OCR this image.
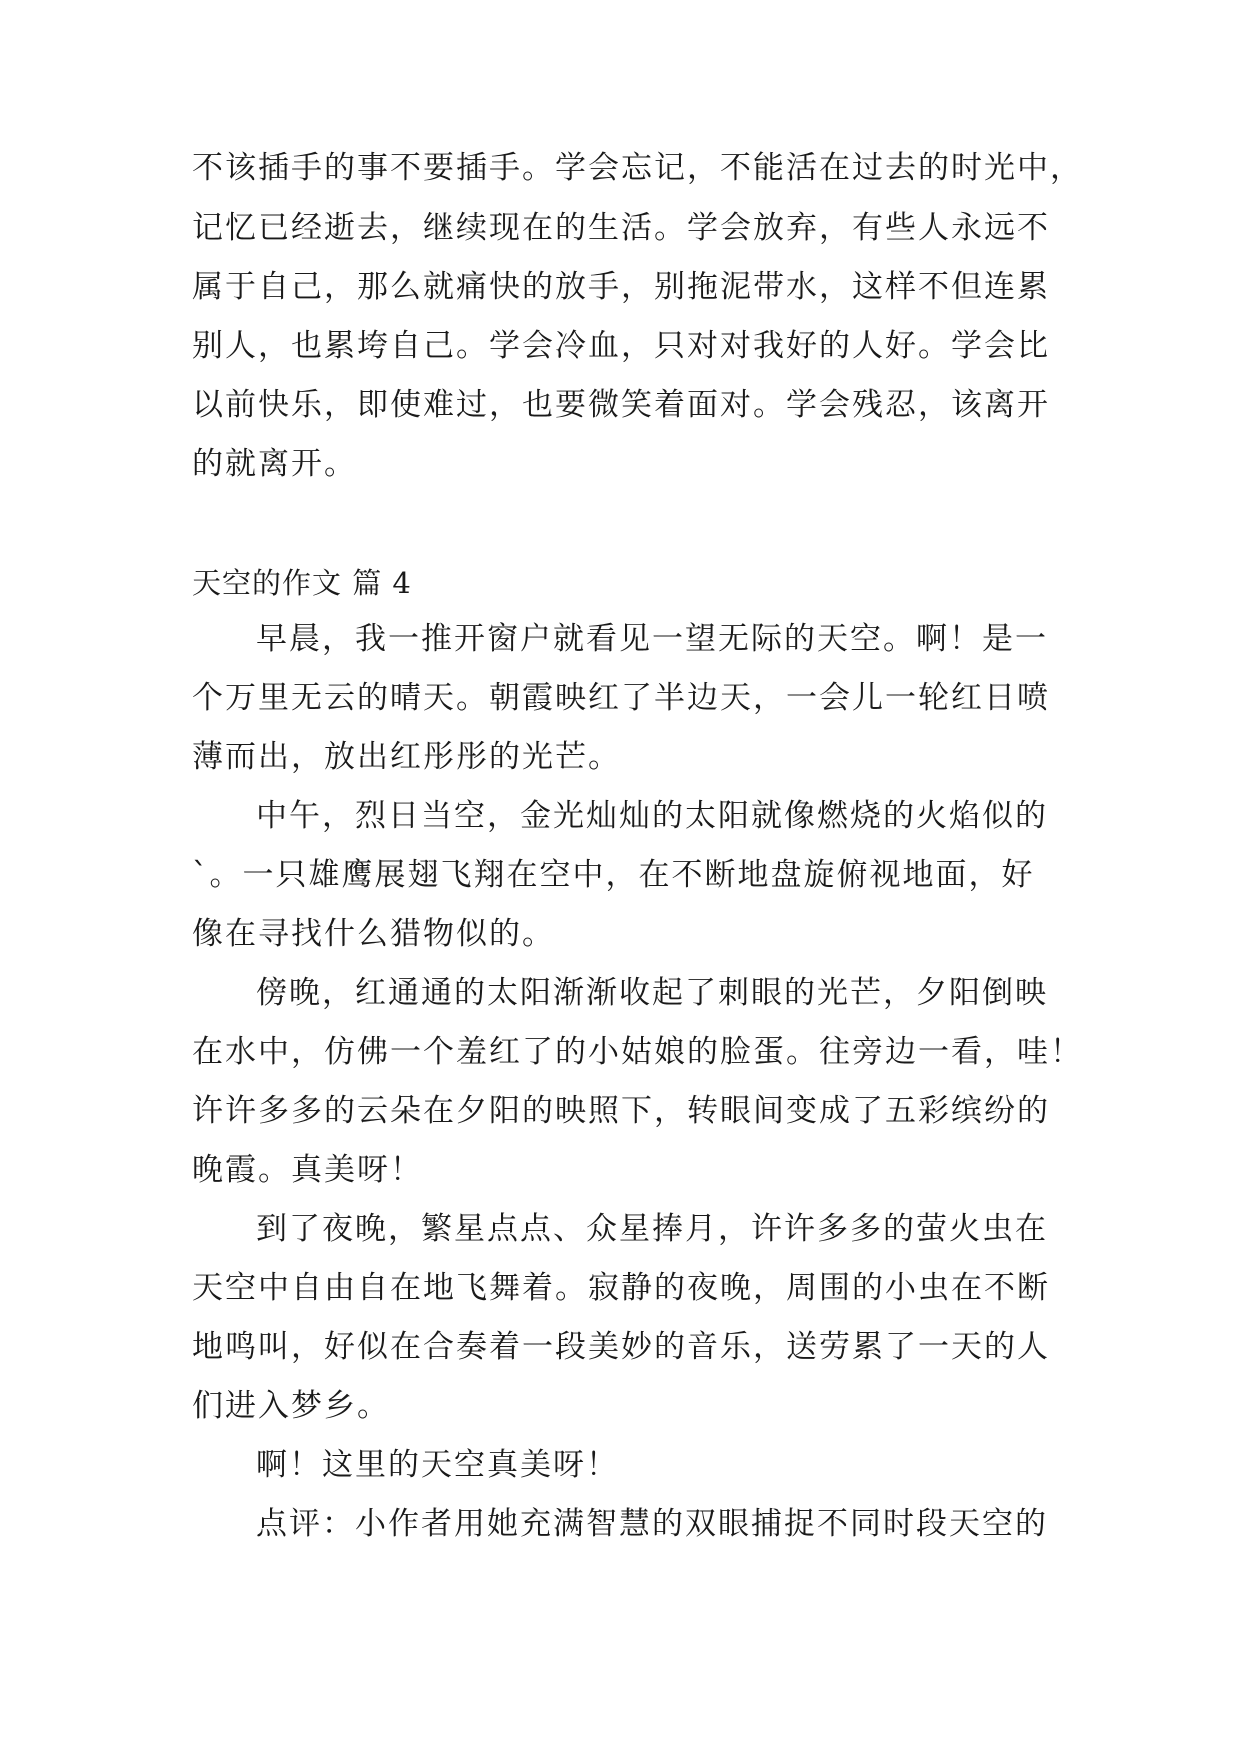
不该插手的事不要插手。学会忘记，不能活在过去的时光中，
记忆已经逝去，继续现在的生活。学会放弃，有些人永远不
属于自己，那么就痛快的放手，别拖泥带水，这样不但连累
别人，也累垮自己。学会冷血，只对对我好的人好。学会比
以前快乐，即使难过，也要微笑着面对。学会残忍，该离开
的就离开。
天空的作文 篇 4
早晨，我一推开窗户就看见一望无际的天空。啊！是一
个万里无云的晴天。朝霞映红了半边天，一会儿一轮红日喷
薄而出，放出红彤彤的光芒。
中午，烈日当空，金光灿灿的太阳就像燃烧的火焰似的
`。一只雄鹰展翅飞翔在空中，在不断地盘旋俯视地面，好
像在寻找什么猎物似的。
傍晚，红通通的太阳渐渐收起了刺眼的光芒，夕阳倒映
在水中，仿佛一个羞红了的小姑娘的脸蛋。往旁边一看，哇！
许许多多的云朵在夕阳的映照下，转眼间变成了五彩缤纷的
晚霞。真美呀！
到了夜晚，繁星点点、众星捧月，许许多多的萤火虫在
天空中自由自在地飞舞着。寂静的夜晚，周围的小虫在不断
地鸣叫，好似在合奏着一段美妙的音乐，送劳累了一天的人
们进入梦乡。
啊！这里的天空真美呀！
点评：小作者用她充满智慧的双眼捕捉不同时段天空的
